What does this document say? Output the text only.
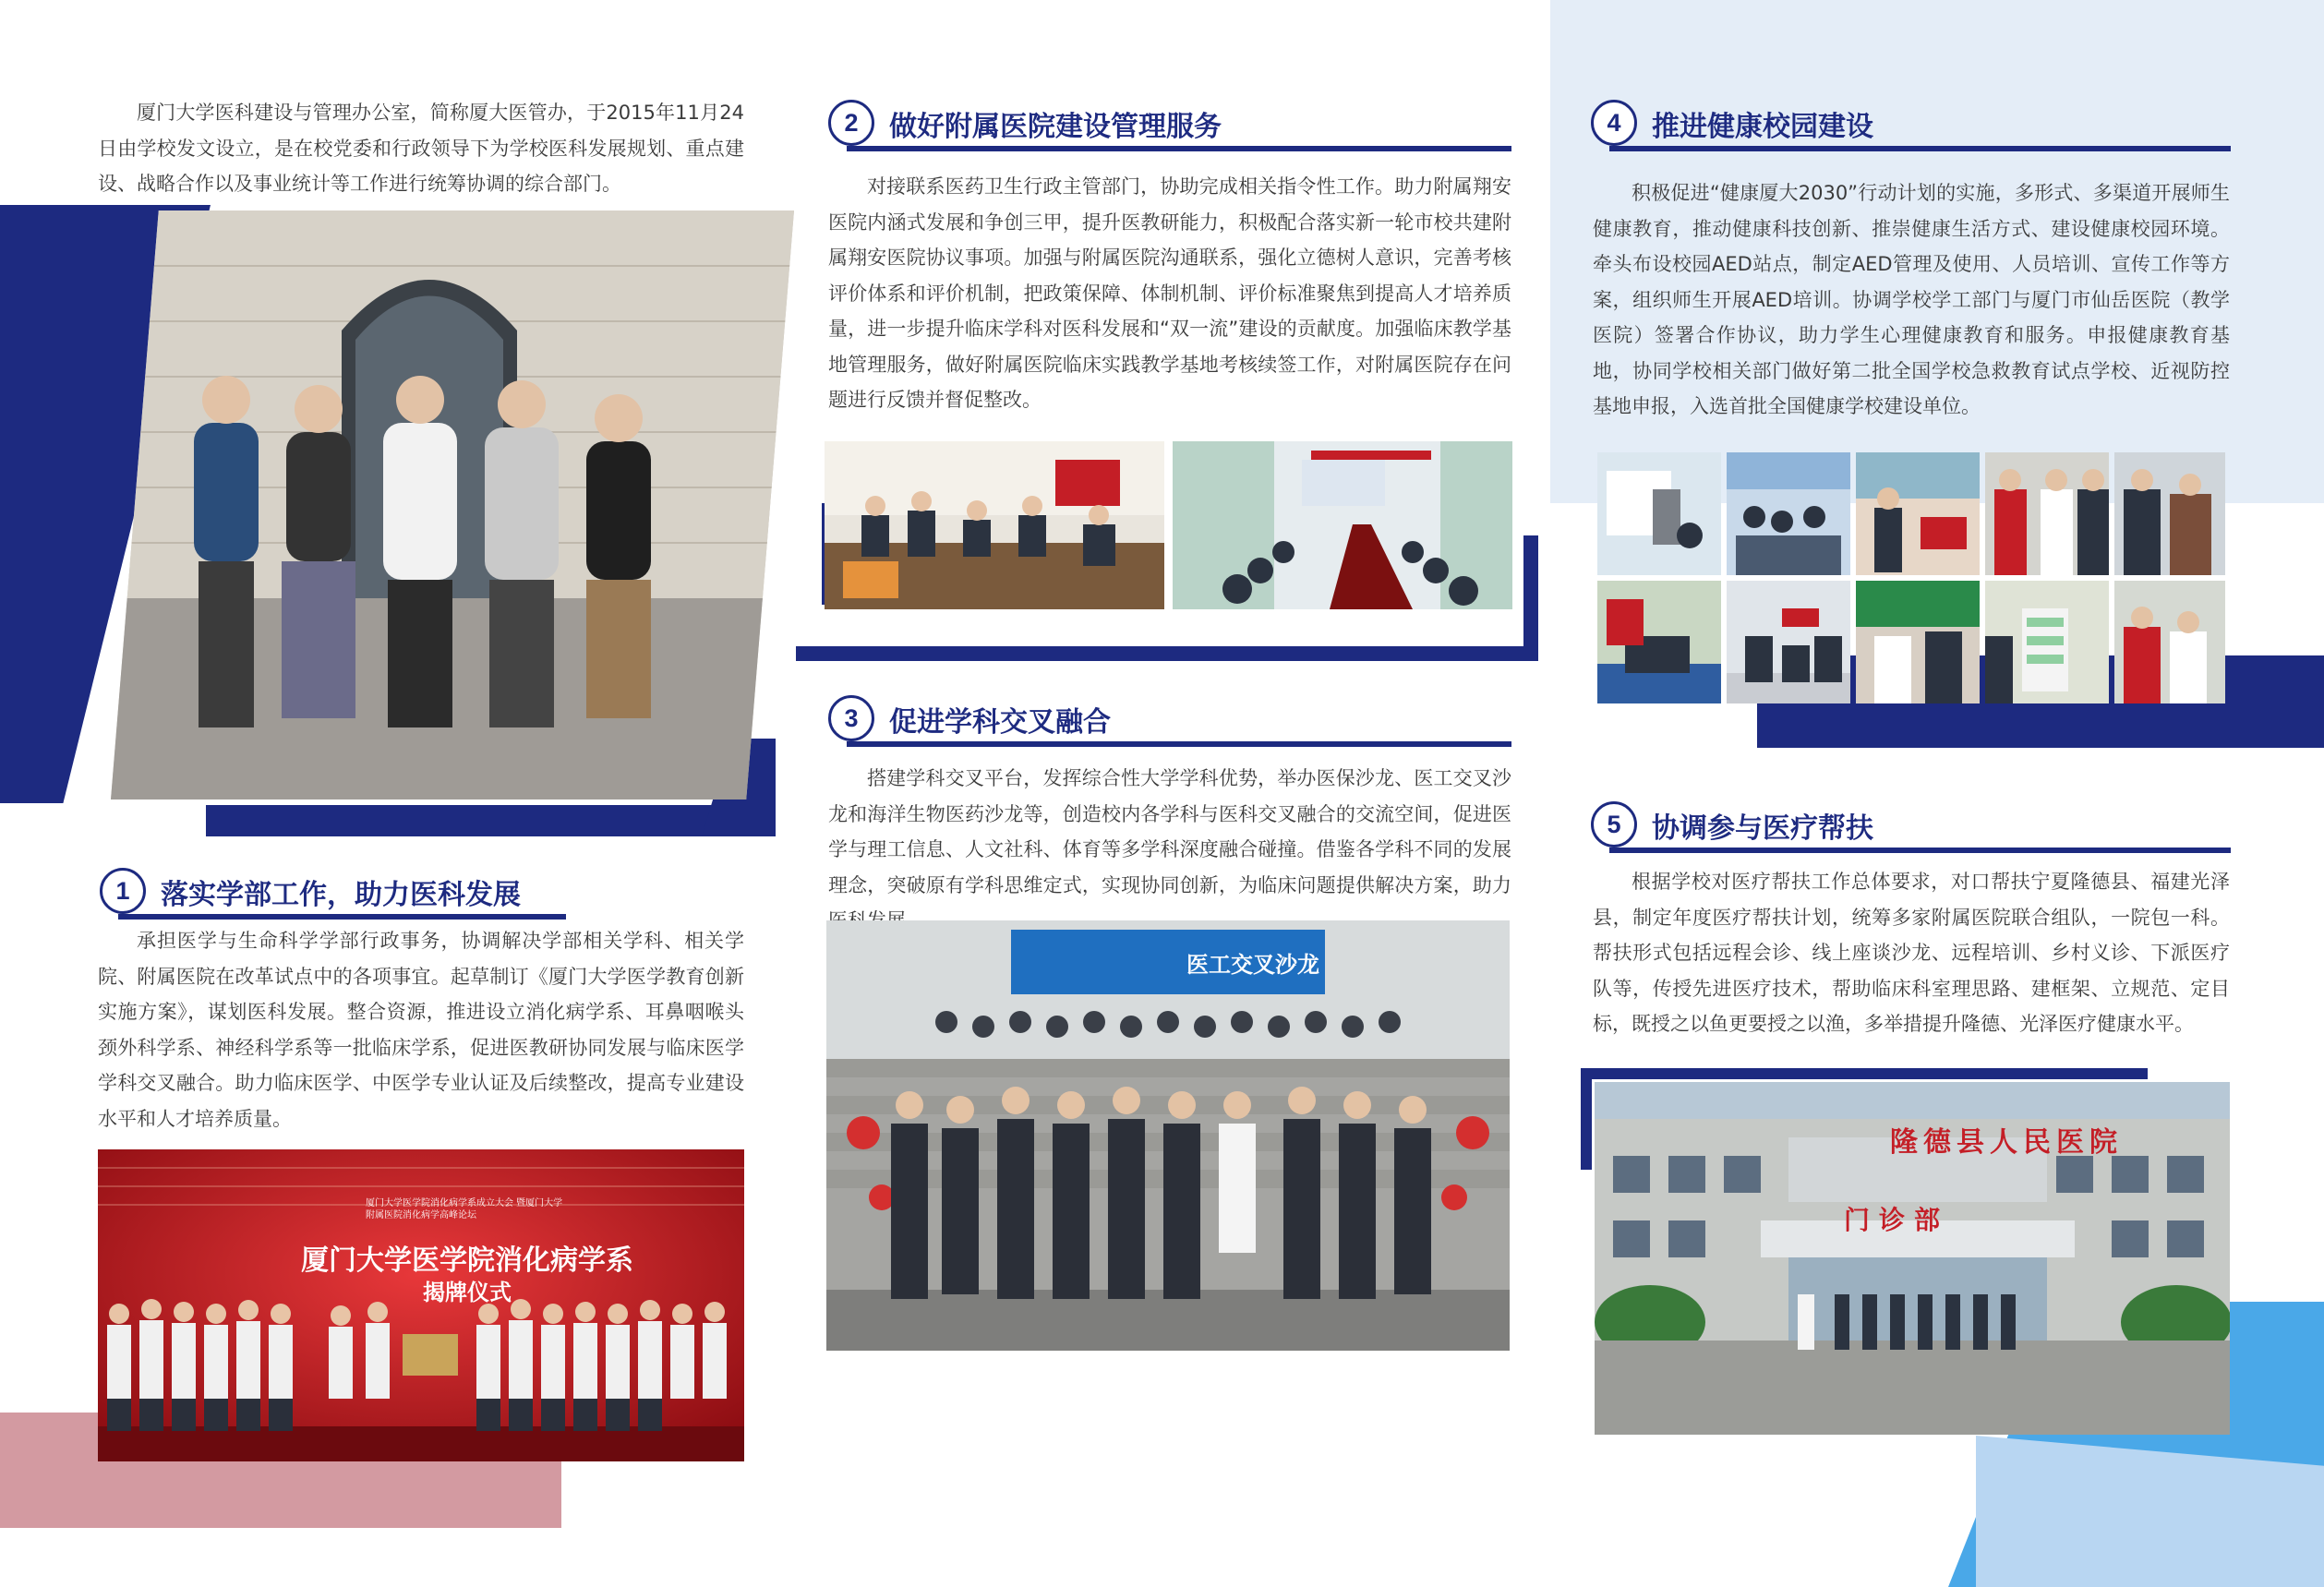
厦门大学医科建设与管理办公室，简称厦大医管办，于2015年11月24日由学校发文设立，是在校党委和行政领导下为学校医科发展规划、重点建设、战略合作以及事业统计等工作进行统筹协调的综合部门。

1	落实学部工作，助力医科发展

承担医学与生命科学学部行政事务，协调解决学部相关学科、相关学院、附属医院在改革试点中的各项事宜。起草制订《厦门大学医学教育创新实施方案》，谋划医科发展。整合资源，推进设立消化病学系、耳鼻咽喉头颈外科学系、神经科学系等一批临床学系，促进医教研协同发展与临床医学学科交叉融合。助力临床医学、中医学专业认证及后续整改，提高专业建设水平和人才培养质量。

厦门大学医学院消化病学系成立大会 暨厦门大学附属医院消化病学高峰论坛
厦门大学医学院消化病学系
揭牌仪式
2	做好附属医院建设管理服务

对接联系医药卫生行政主管部门，协助完成相关指令性工作。助力附属翔安医院内涵式发展和争创三甲，提升医教研能力，积极配合落实新一轮市校共建附属翔安医院协议事项。加强与附属医院沟通联系，强化立德树人意识，完善考核评价体系和评价机制，把政策保障、体制机制、评价标准聚焦到提高人才培养质量，进一步提升临床学科对医科发展和“双一流”建设的贡献度。加强临床教学基地管理服务，做好附属医院临床实践教学基地考核续签工作，对附属医院存在问题进行反馈并督促整改。

3	促进学科交叉融合

搭建学科交叉平台，发挥综合性大学学科优势，举办医保沙龙、医工交叉沙龙和海洋生物医药沙龙等，创造校内各学科与医科交叉融合的交流空间，促进医学与理工信息、人文社科、体育等多学科深度融合碰撞。借鉴各学科不同的发展理念，突破原有学科思维定式，实现协同创新，为临床问题提供解决方案，助力

医工交叉沙龙
4	推进健康校园建设

积极促进“健康厦大2030”行动计划的实施，多形式、多渠道开展师生健康教育，推动健康科技创新、推崇健康生活方式、建设健康校园环境。牵头布设校园AED站点，制定AED管理及使用、人员培训、宣传工作等方案，组织师生开展AED培训。协调学校学工部门与厦门市仙岳医院（教学医院）签署合作协议，助力学生心理健康教育和服务。申报健康教育基地，协同学校相关部门做好第二批全国学校急救教育试点学校、近视防控基地申报，入选首批全国健康学校建设单位。

5	协调参与医疗帮扶

根据学校对医疗帮扶工作总体要求，对口帮扶宁夏隆德县、福建光泽县，制定年度医疗帮扶计划，统筹多家附属医院联合组队，一院包一科。帮扶形式包括远程会诊、线上座谈沙龙、远程培训、乡村义诊、下派医疗队等，传授先进医疗技术，帮助临床科室理思路、建框架、立规范、定目标，既授之以鱼更要授之以渔，多举措提升隆德、光泽医疗健康水平。

隆德县人民医院
门诊部
